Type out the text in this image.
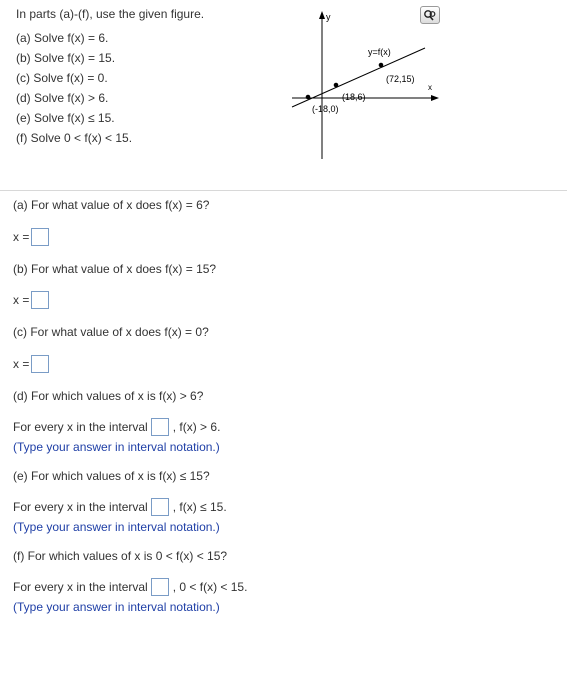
In parts (a)-(f), use the given figure.
(a) Solve f(x) = 6.
(b) Solve f(x) = 15.
(c) Solve f(x) = 0.
(d) Solve f(x) > 6.
(e) Solve f(x) ≤ 15.
(f) Solve 0 < f(x) < 15.
y
x
y=f(x)
(-18,0)
(18,6)
(72,15)
(a) For what value of x does f(x) = 6?
x =
(b) For what value of x does f(x) = 15?
x =
(c) For what value of x does f(x) = 0?
x =
(d) For which values of x is f(x) > 6?
For every x in the interval , f(x) > 6.
(Type your answer in interval notation.)
(e) For which values of x is f(x) ≤ 15?
For every x in the interval , f(x) ≤ 15.
(Type your answer in interval notation.)
(f) For which values of x is 0 < f(x) < 15?
For every x in the interval , 0 < f(x) < 15.
(Type your answer in interval notation.)
